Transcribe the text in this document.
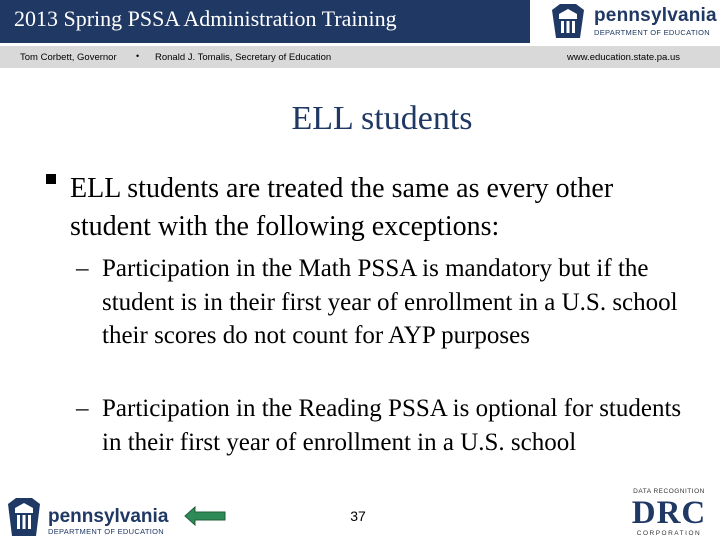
2013 Spring PSSA Administration Training	pennsylvania
DEPARTMENT OF EDUCATION
Tom Corbett, Governor • Ronald J. Tomalis, Secretary of Education	www.education.state.pa.us
ELL students
ELL students are treated the same as every other student with the following exceptions:
– Participation in the Math PSSA is mandatory but if the student is in their first year of enrollment in a U.S. school their scores do not count for AYP purposes
– Participation in the Reading PSSA is optional for students in their first year of enrollment in a U.S. school
pennsylvania
DEPARTMENT OF EDUCATION
37
DATA RECOGNITION
DRC
CORPORATION
